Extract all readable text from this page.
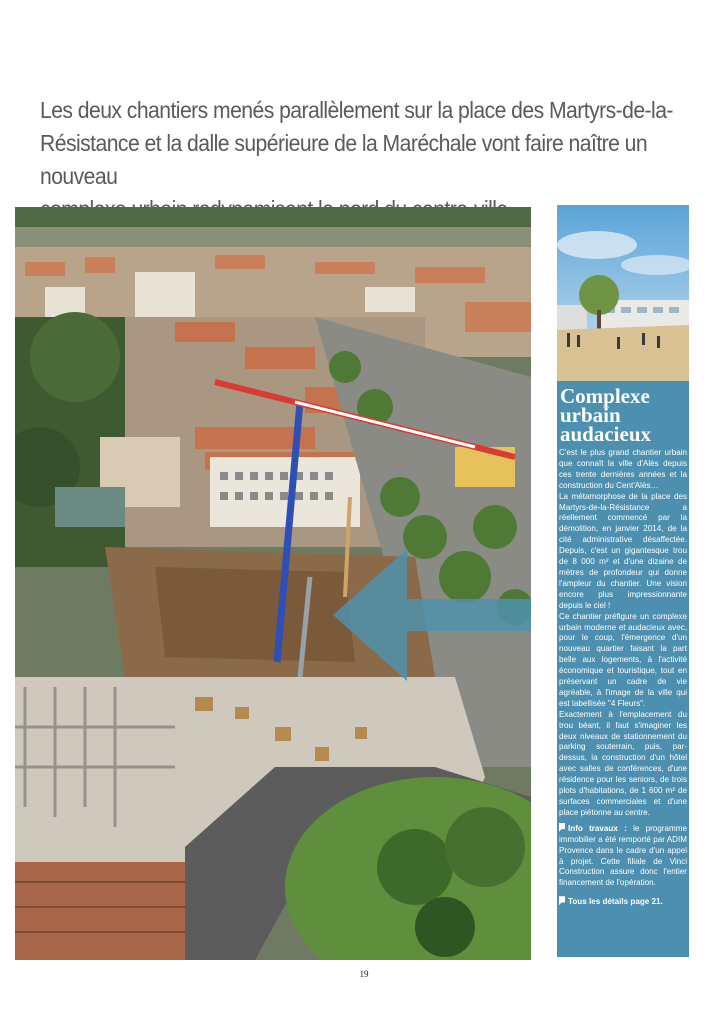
Les deux chantiers menés parallèlement sur la place des Martyrs-de-la-
Résistance et la dalle supérieure de la Maréchale vont faire naître un nouveau
Complexe
urbain
audacieux

C'est le plus grand chantier urbain que connaît la ville d'Alès depuis ces trente dernières années et la construction du Cent'Alès…

La métamorphose de la place des Martyrs-de-la-Résistance a réellement commencé par la démolition, en janvier 2014, de la cité administrative désaffectée. Depuis, c'est un gigantesque trou de 8 000 m² et d'une dizaine de mètres de profondeur qui donne l'ampleur du chantier. Une vision encore plus impressionnante depuis le ciel !

Ce chantier préfigure un complexe urbain moderne et audacieux avec, pour le coup, l'émergence d'un nouveau quartier faisant la part belle aux logements, à l'activité économique et touristique, tout en préservant un cadre de vie agréable, à l'image de la ville qui est labellisée "4 Fleurs".

Exactement à l'emplacement du trou béant, il faut s'imaginer les deux niveaux de stationnement du parking souterrain, puis, par-dessus, la construction d'un hôtel avec salles de conférences, d'une résidence pour les seniors, de trois plots d'habitations, de 1 600 m² de surfaces commerciales et d'une place piétonne au centre.

Info travaux : le programme immobilier a été remporté par ADIM Provence dans le cadre d'un appel à projet. Cette filiale de Vinci Construction assure donc l'entier financement de l'opération.

Tous les détails page 21.

19
